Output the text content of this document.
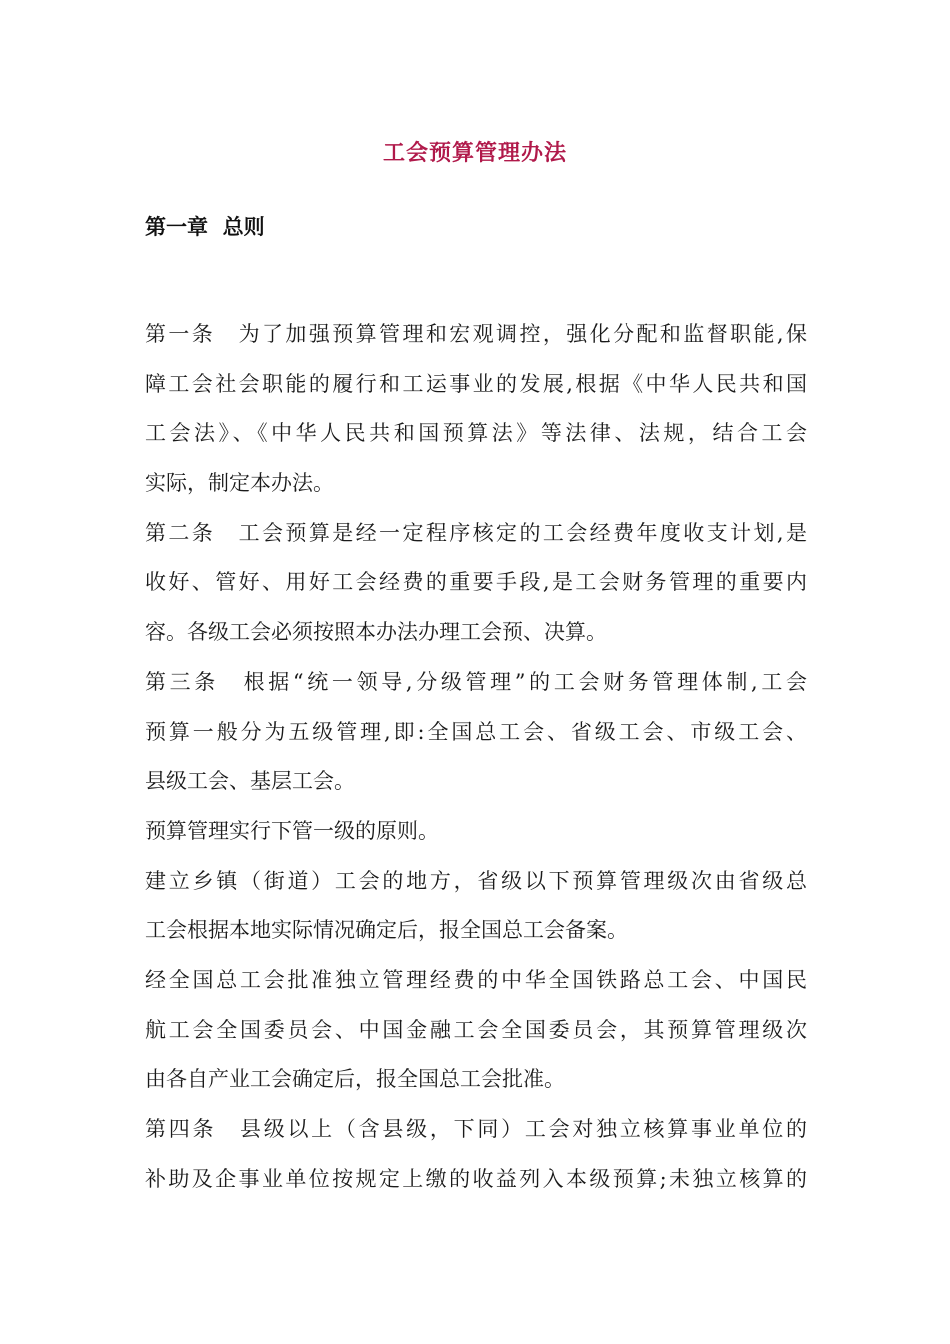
工会预算管理办法
第一章  总则

第一条　为了加强预算管理和宏观调控，强化分配和监督职能,保
障工会社会职能的履行和工运事业的发展,根据《中华人民共和国
工会法》、《中华人民共和国预算法》等法律、法规，结合工会
实际，制定本办法。

第二条　工会预算是经一定程序核定的工会经费年度收支计划,是
收好、管好、用好工会经费的重要手段,是工会财务管理的重要内
容。各级工会必须按照本办法办理工会预、决算。

第三条　根据“统一领导,分级管理”的工会财务管理体制,工会
预算一般分为五级管理,即:全国总工会、省级工会、市级工会、
县级工会、基层工会。

预算管理实行下管一级的原则。

建立乡镇（街道）工会的地方，省级以下预算管理级次由省级总
工会根据本地实际情况确定后，报全国总工会备案。

经全国总工会批准独立管理经费的中华全国铁路总工会、中国民
航工会全国委员会、中国金融工会全国委员会，其预算管理级次
由各自产业工会确定后，报全国总工会批准。

第四条　县级以上（含县级，下同）工会对独立核算事业单位的
补助及企事业单位按规定上缴的收益列入本级预算;未独立核算的
